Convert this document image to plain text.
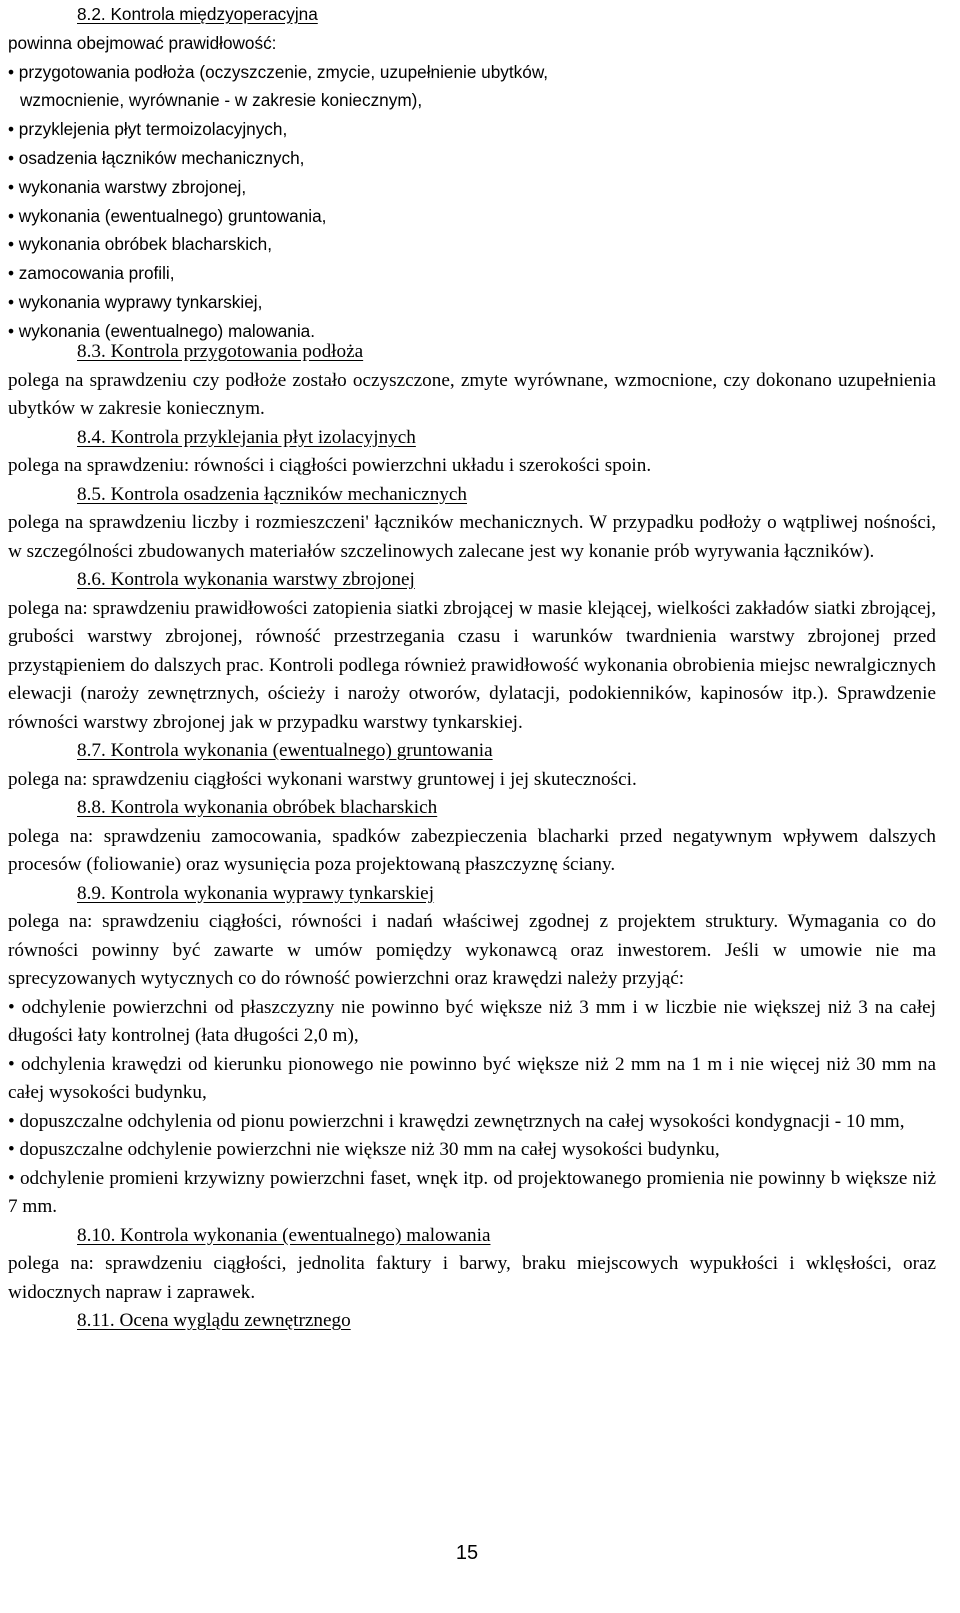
8.2. Kontrola międzyoperacyjna
powinna obejmować prawidłowość:
• przygotowania podłoża (oczyszczenie, zmycie, uzupełnienie ubytków,
wzmocnienie, wyrównanie - w zakresie koniecznym),
• przyklejenia płyt termoizolacyjnych,
• osadzenia łączników mechanicznych,
• wykonania warstwy zbrojonej,
• wykonania (ewentualnego) gruntowania,
• wykonania obróbek blacharskich,
• zamocowania profili,
• wykonania wyprawy tynkarskiej,
• wykonania (ewentualnego) malowania.
8.3. Kontrola przygotowania podłoża
polega na sprawdzeniu czy podłoże zostało oczyszczone, zmyte wyrównane, wzmocnione, czy dokonano uzupełnienia ubytków w zakresie koniecznym.
8.4. Kontrola przyklejania płyt izolacyjnych
polega na sprawdzeniu: równości i ciągłości powierzchni układu i szerokości spoin.
8.5. Kontrola osadzenia łączników mechanicznych
polega na sprawdzeniu liczby i rozmieszczeni' łączników mechanicznych. W przypadku podłoży o wątpliwej nośności, w szczególności zbudowanych materiałów szczelinowych zalecane jest wy konanie prób wyrywania łączników).
8.6. Kontrola wykonania warstwy zbrojonej
polega na: sprawdzeniu prawidłowości zatopienia siatki zbrojącej w masie klejącej, wielkości zakładów siatki zbrojącej, grubości warstwy zbrojonej, równość przestrzegania czasu i warunków twardnienia warstwy zbrojonej przed przystąpieniem do dalszych prac. Kontroli podlega również prawidłowość wykonania obrobienia miejsc newralgicznych elewacji (naroży zewnętrznych, ościeży i naroży otworów, dylatacji, podokienników, kapinosów itp.). Sprawdzenie równości warstwy zbrojonej jak w przypadku warstwy tynkarskiej.
8.7. Kontrola wykonania (ewentualnego) gruntowania
polega na: sprawdzeniu ciągłości wykonani warstwy gruntowej i jej skuteczności.
8.8. Kontrola wykonania obróbek blacharskich
polega na: sprawdzeniu zamocowania, spadków zabezpieczenia blacharki przed negatywnym wpływem dalszych procesów (foliowanie) oraz wysunięcia poza projektowaną płaszczyznę ściany.
8.9. Kontrola wykonania wyprawy tynkarskiej
polega na: sprawdzeniu ciągłości, równości i nadań właściwej zgodnej z projektem struktury. Wymagania co do równości powinny być zawarte w umów pomiędzy wykonawcą oraz inwestorem. Jeśli w umowie nie ma sprecyzowanych wytycznych co do równość powierzchni oraz krawędzi należy przyjąć:
• odchylenie powierzchni od płaszczyzny nie powinno być większe niż 3 mm i w liczbie nie większej niż 3 na całej długości łaty kontrolnej (łata długości 2,0 m),
• odchylenia krawędzi od kierunku pionowego nie powinno być większe niż 2 mm na 1 m i nie więcej niż 30 mm na całej wysokości budynku,
• dopuszczalne odchylenia od pionu powierzchni i krawędzi zewnętrznych na całej wysokości kondygnacji - 10 mm,
• dopuszczalne odchylenie powierzchni nie większe niż 30 mm na całej wysokości budynku,
• odchylenie promieni krzywizny powierzchni faset, wnęk itp. od projektowanego promienia nie powinny b większe niż 7 mm.
8.10. Kontrola wykonania (ewentualnego) malowania
polega na: sprawdzeniu ciągłości, jednolita faktury i barwy, braku miejscowych wypukłości i wklęsłości, oraz widocznych napraw i zaprawek.
8.11. Ocena wyglądu zewnętrznego
15
